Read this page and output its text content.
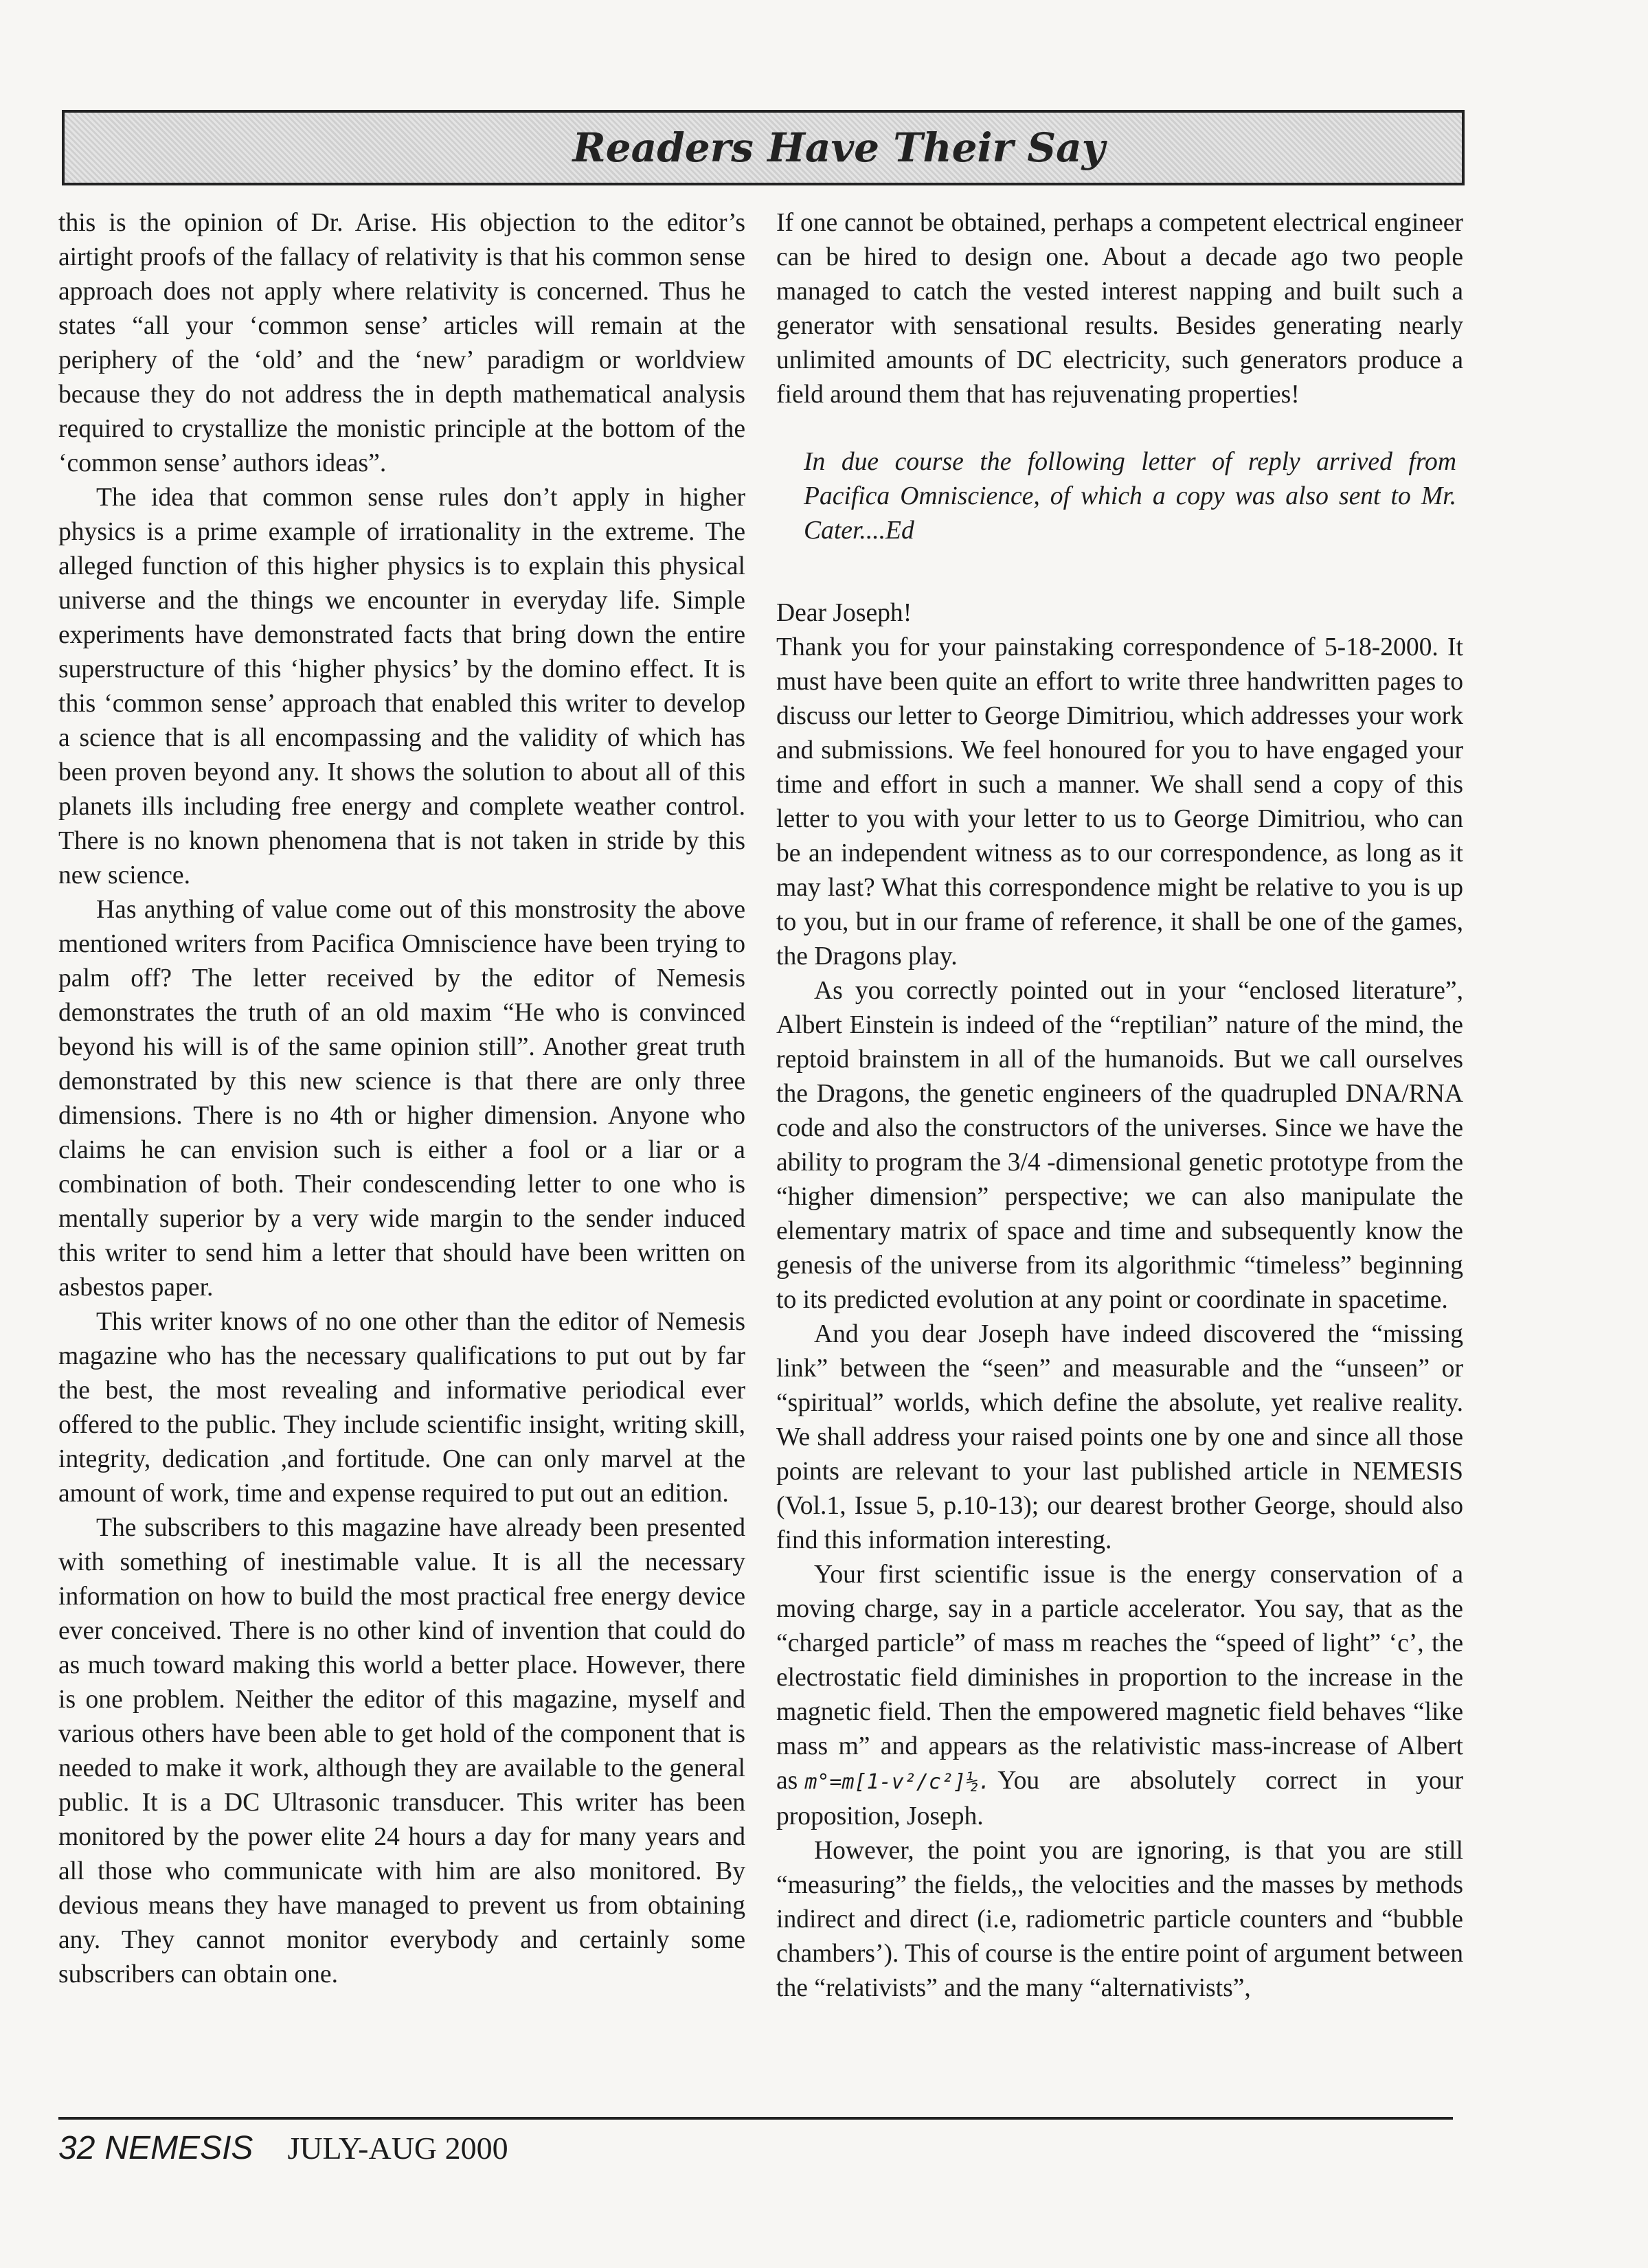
Readers Have Their Say

this is the opinion of Dr. Arise. His objection to the editor’s airtight proofs of the fallacy of relativity is that his common sense approach does not apply where relativity is concerned. Thus he states “all your ‘common sense’ articles will remain at the periphery of the ‘old’ and the ‘new’ paradigm or worldview because they do not address the in depth mathematical analysis required to crystallize the monistic principle at the bottom of the ‘common sense’ authors ideas”.

The idea that common sense rules don’t apply in higher physics is a prime example of irrationality in the extreme. The alleged function of this higher physics is to explain this physical universe and the things we encounter in everyday life. Simple experiments have demonstrated facts that bring down the entire superstructure of this ‘higher physics’ by the domino effect. It is this ‘common sense’ approach that enabled this writer to develop a science that is all encompassing and the validity of which has been proven beyond any. It shows the solution to about all of this planets ills including free energy and complete weather control. There is no known phenomena that is not taken in stride by this new science.

Has anything of value come out of this monstrosity the above mentioned writers from Pacifica Omniscience have been trying to palm off? The letter received by the editor of Nemesis demonstrates the truth of an old maxim “He who is convinced beyond his will is of the same opinion still”. Another great truth demonstrated by this new science is that there are only three dimensions. There is no 4th or higher dimension. Anyone who claims he can envision such is either a fool or a liar or a combination of both. Their condescending letter to one who is mentally superior by a very wide margin to the sender induced this writer to send him a letter that should have been written on asbestos paper.

This writer knows of no one other than the editor of Nemesis magazine who has the necessary qualifications to put out by far the best, the most revealing and informative periodical ever offered to the public. They include scientific insight, writing skill, integrity, dedication ,and fortitude. One can only marvel at the amount of work, time and expense required to put out an edition.

The subscribers to this magazine have already been presented with something of inestimable value. It is all the necessary information on how to build the most practical free energy device ever conceived. There is no other kind of invention that could do as much toward making this world a better place. However, there is one problem. Neither the editor of this magazine, myself and various others have been able to get hold of the component that is needed to make it work, although they are available to the general public. It is a DC Ultrasonic transducer. This writer has been monitored by the power elite 24 hours a day for many years and all those who communicate with him are also monitored. By devious means they have managed to prevent us from obtaining any. They cannot monitor everybody and certainly some subscribers can obtain one.

If one cannot be obtained, perhaps a competent electrical engineer can be hired to design one. About a decade ago two people managed to catch the vested interest napping and built such a generator with sensational results. Besides generating nearly unlimited amounts of DC electricity, such generators produce a field around them that has rejuvenating properties!

In due course the following letter of reply arrived from Pacifica Omniscience, of which a copy was also sent to Mr. Cater....Ed

Dear Joseph!

Thank you for your painstaking correspondence of 5-18-2000. It must have been quite an effort to write three handwritten pages to discuss our letter to George Dimitriou, which addresses your work and submissions. We feel honoured for you to have engaged your time and effort in such a manner. We shall send a copy of this letter to you with your letter to us to George Dimitriou, who can be an independent witness as to our correspondence, as long as it may last? What this correspondence might be relative to you is up to you, but in our frame of reference, it shall be one of the games, the Dragons play.

As you correctly pointed out in your “enclosed literature”, Albert Einstein is indeed of the “reptilian” nature of the mind, the reptoid brainstem in all of the humanoids. But we call ourselves the Dragons, the genetic engineers of the quadrupled DNA/RNA code and also the constructors of the universes. Since we have the ability to program the 3/4 -dimensional genetic prototype from the “higher dimension” perspective; we can also manipulate the elementary matrix of space and time and subsequently know the genesis of the universe from its algorithmic “timeless” beginning to its predicted evolution at any point or coordinate in spacetime.

And you dear Joseph have indeed discovered the “missing link” between the “seen” and measurable and the “unseen” or “spiritual” worlds, which define the absolute, yet realive reality. We shall address your raised points one by one and since all those points are relevant to your last published article in NEMESIS (Vol.1, Issue 5, p.10-13); our dearest brother George, should also find this information interesting.

Your first scientific issue is the energy conservation of a moving charge, say in a particle accelerator. You say, that as the “charged particle” of mass m reaches the “speed of light” ‘c’, the electrostatic field diminishes in proportion to the increase in the magnetic field. Then the empowered magnetic field behaves “like mass m” and appears as the relativistic mass-increase of Albert as m°=m[1-v²/c²]½. You are absolutely correct in your proposition, Joseph.

However, the point you are ignoring, is that you are still “measuring” the fields,, the velocities and the masses by methods indirect and direct (i.e, radiometric particle counters and “bubble chambers’). This of course is the entire point of argument between the “relativists” and the many “alternativists”,

32 NEMESIS JULY-AUG 2000
